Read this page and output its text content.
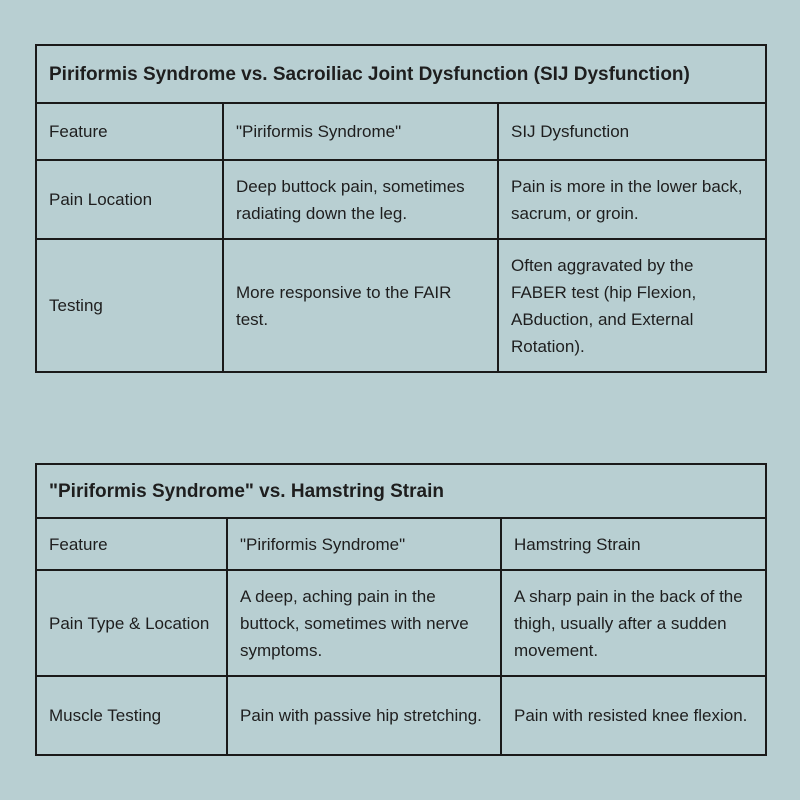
Piriformis Syndrome vs. Sacroiliac Joint Dysfunction (SIJ Dysfunction)		
Feature	"Piriformis Syndrome"	SIJ Dysfunction
Pain Location	Deep buttock pain, sometimes radiating down the leg.	Pain is more in the lower back, sacrum, or groin.
Testing	More responsive to the FAIR test.	Often aggravated by the FABER test (hip Flexion, ABduction, and External Rotation).
"Piriformis Syndrome" vs. Hamstring Strain		
Feature	"Piriformis Syndrome"	Hamstring Strain
Pain Type & Location	A deep, aching pain in the buttock, sometimes with nerve symptoms.	A sharp pain in the back of the thigh, usually after a sudden movement.
Muscle Testing	Pain with passive hip stretching.	Pain with resisted knee flexion.
